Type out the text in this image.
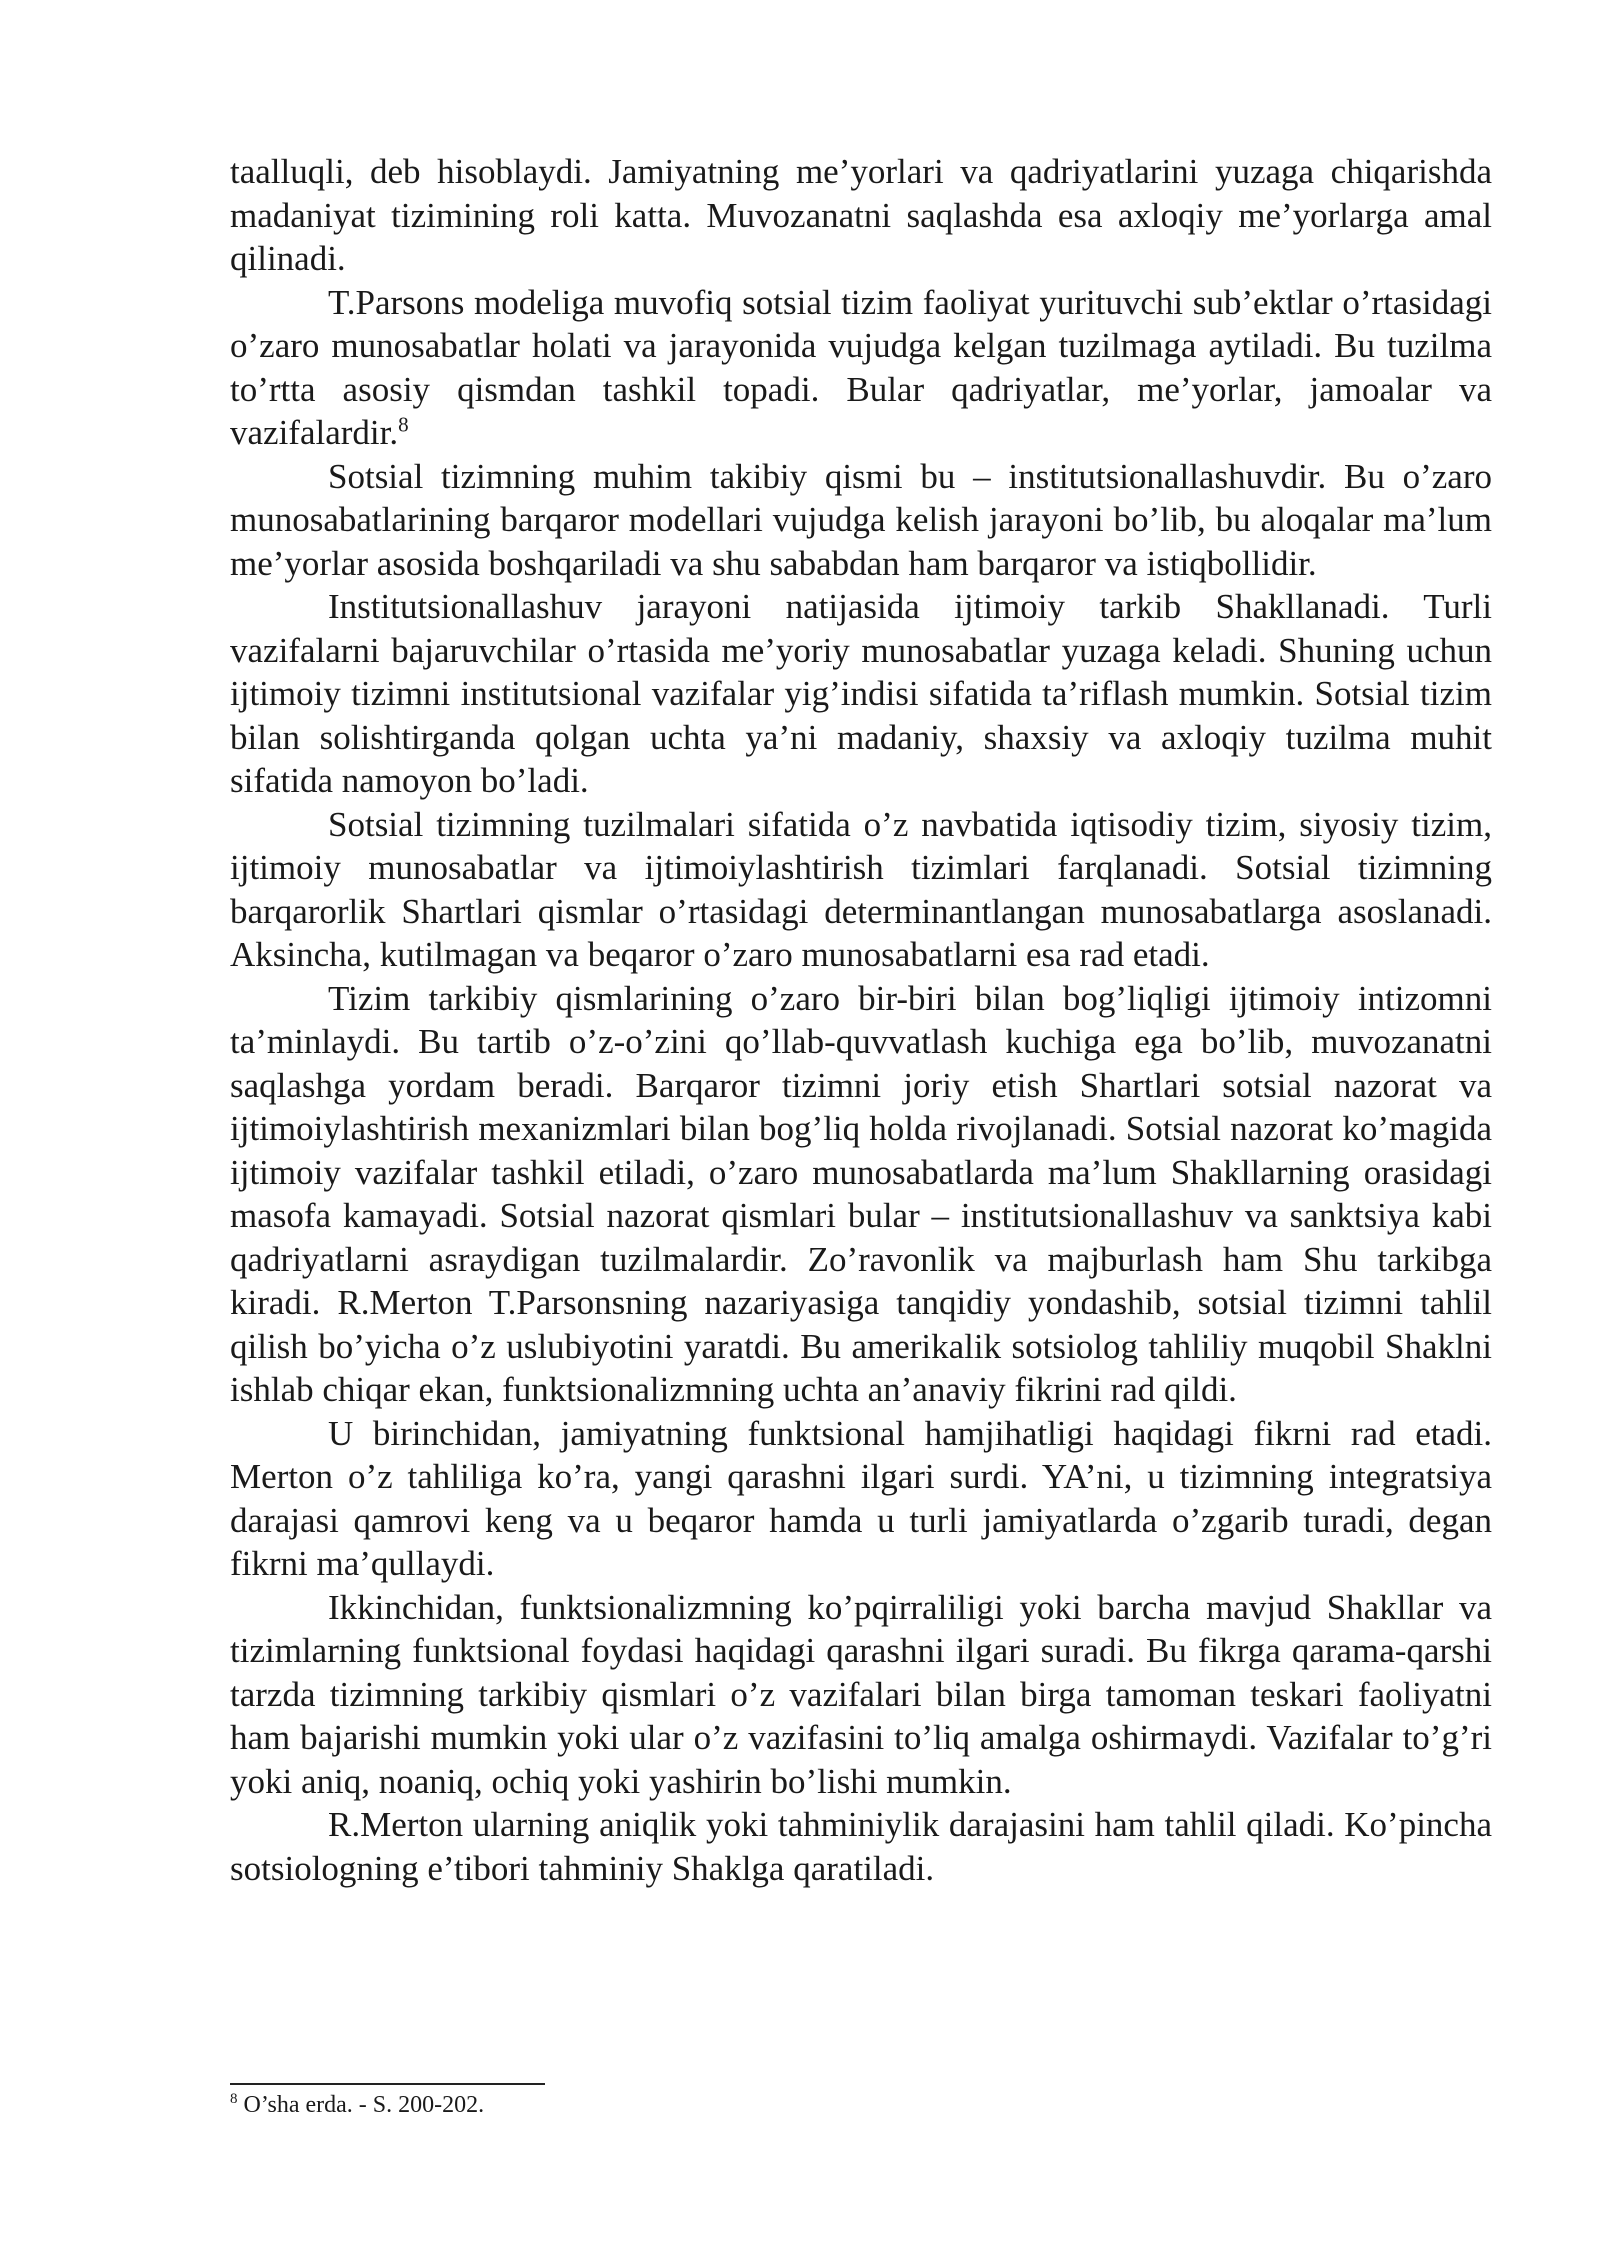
taalluqli, deb hisoblaydi. Jamiyatning me’yorlari va qadriyatlarini yuzaga chiqarishda madaniyat tizimining roli katta. Muvozanatni saqlashda esa axloqiy me’yorlarga amal qilinadi.

T.Parsons modeliga muvofiq sotsial tizim faoliyat yurituvchi sub’ektlar o’rtasidagi o’zaro munosabatlar holati va jarayonida vujudga kelgan tuzilmaga aytiladi. Bu tuzilma to’rtta asosiy qismdan tashkil topadi. Bular qadriyatlar, me’yorlar, jamoalar va vazifalardir.$^8$

Sotsial tizimning muhim takibiy qismi bu – institutsionallashuvdir. Bu o’zaro munosabatlarining barqaror modellari vujudga kelish jarayoni bo’lib, bu aloqalar ma’lum me’yorlar asosida boshqariladi va shu sababdan ham barqaror va istiqbollidir.

Institutsionallashuv jarayoni natijasida ijtimoiy tarkib Shakllanadi. Turli vazifalarni bajaruvchilar o’rtasida me’yoriy munosabatlar yuzaga keladi. Shuning uchun ijtimoiy tizimni institutsional vazifalar yig’indisi sifatida ta’riflash mumkin. Sotsial tizim bilan solishtirganda qolgan uchta ya’ni madaniy, shaxsiy va axloqiy tuzilma muhit sifatida namoyon bo’ladi.

Sotsial tizimning tuzilmalari sifatida o’z navbatida iqtisodiy tizim, siyosiy tizim, ijtimoiy munosabatlar va ijtimoiylashtirish tizimlari farqlanadi. Sotsial tizimning barqarorlik Shartlari qismlar o’rtasidagi determinantlangan munosabatlarga asoslanadi. Aksincha, kutilmagan va beqaror o’zaro munosabatlarni esa rad etadi.

Tizim tarkibiy qismlarining o’zaro bir-biri bilan bog’liqligi ijtimoiy intizomni ta’minlaydi. Bu tartib o’z-o’zini qo’llab-quvvatlash kuchiga ega bo’lib, muvozanatni saqlashga yordam beradi. Barqaror tizimni joriy etish Shartlari sotsial nazorat va ijtimoiylashtirish mexanizmlari bilan bog’liq holda rivojlanadi. Sotsial nazorat ko’magida ijtimoiy vazifalar tashkil etiladi, o’zaro munosabatlarda ma’lum Shakllarning orasidagi masofa kamayadi. Sotsial nazorat qismlari bular – institutsionallashuv va sanktsiya kabi qadriyatlarni asraydigan tuzilmalardir. Zo’ravonlik va majburlash ham Shu tarkibga kiradi. R.Merton T.Parsonsning nazariyasiga tanqidiy yondashib, sotsial tizimni tahlil qilish bo’yicha o’z uslubiyotini yaratdi. Bu amerikalik sotsiolog tahliliy muqobil Shaklni ishlab chiqar ekan, funktsionalizmning uchta an’anaviy fikrini rad qildi.

U birinchidan, jamiyatning funktsional hamjihatligi haqidagi fikrni rad etadi. Merton o’z tahliliga ko’ra, yangi qarashni ilgari surdi. YA’ni, u tizimning integratsiya darajasi qamrovi keng va u beqaror hamda u turli jamiyatlarda o’zgarib turadi, degan fikrni ma’qullaydi.

Ikkinchidan, funktsionalizmning ko’pqirraliligi yoki barcha mavjud Shakllar va tizimlarning funktsional foydasi haqidagi qarashni ilgari suradi. Bu fikrga qarama-qarshi tarzda tizimning tarkibiy qismlari o’z vazifalari bilan birga tamoman teskari faoliyatni ham bajarishi mumkin yoki ular o’z vazifasini to’liq amalga oshirmaydi. Vazifalar to’g’ri yoki aniq, noaniq, ochiq yoki yashirin bo’lishi mumkin.

R.Merton ularning aniqlik yoki tahminiylik darajasini ham tahlil qiladi. Ko’pincha sotsiologning e’tibori tahminiy Shaklga qaratiladi.

$^8$ O’sha erda. - S. 200-202.
